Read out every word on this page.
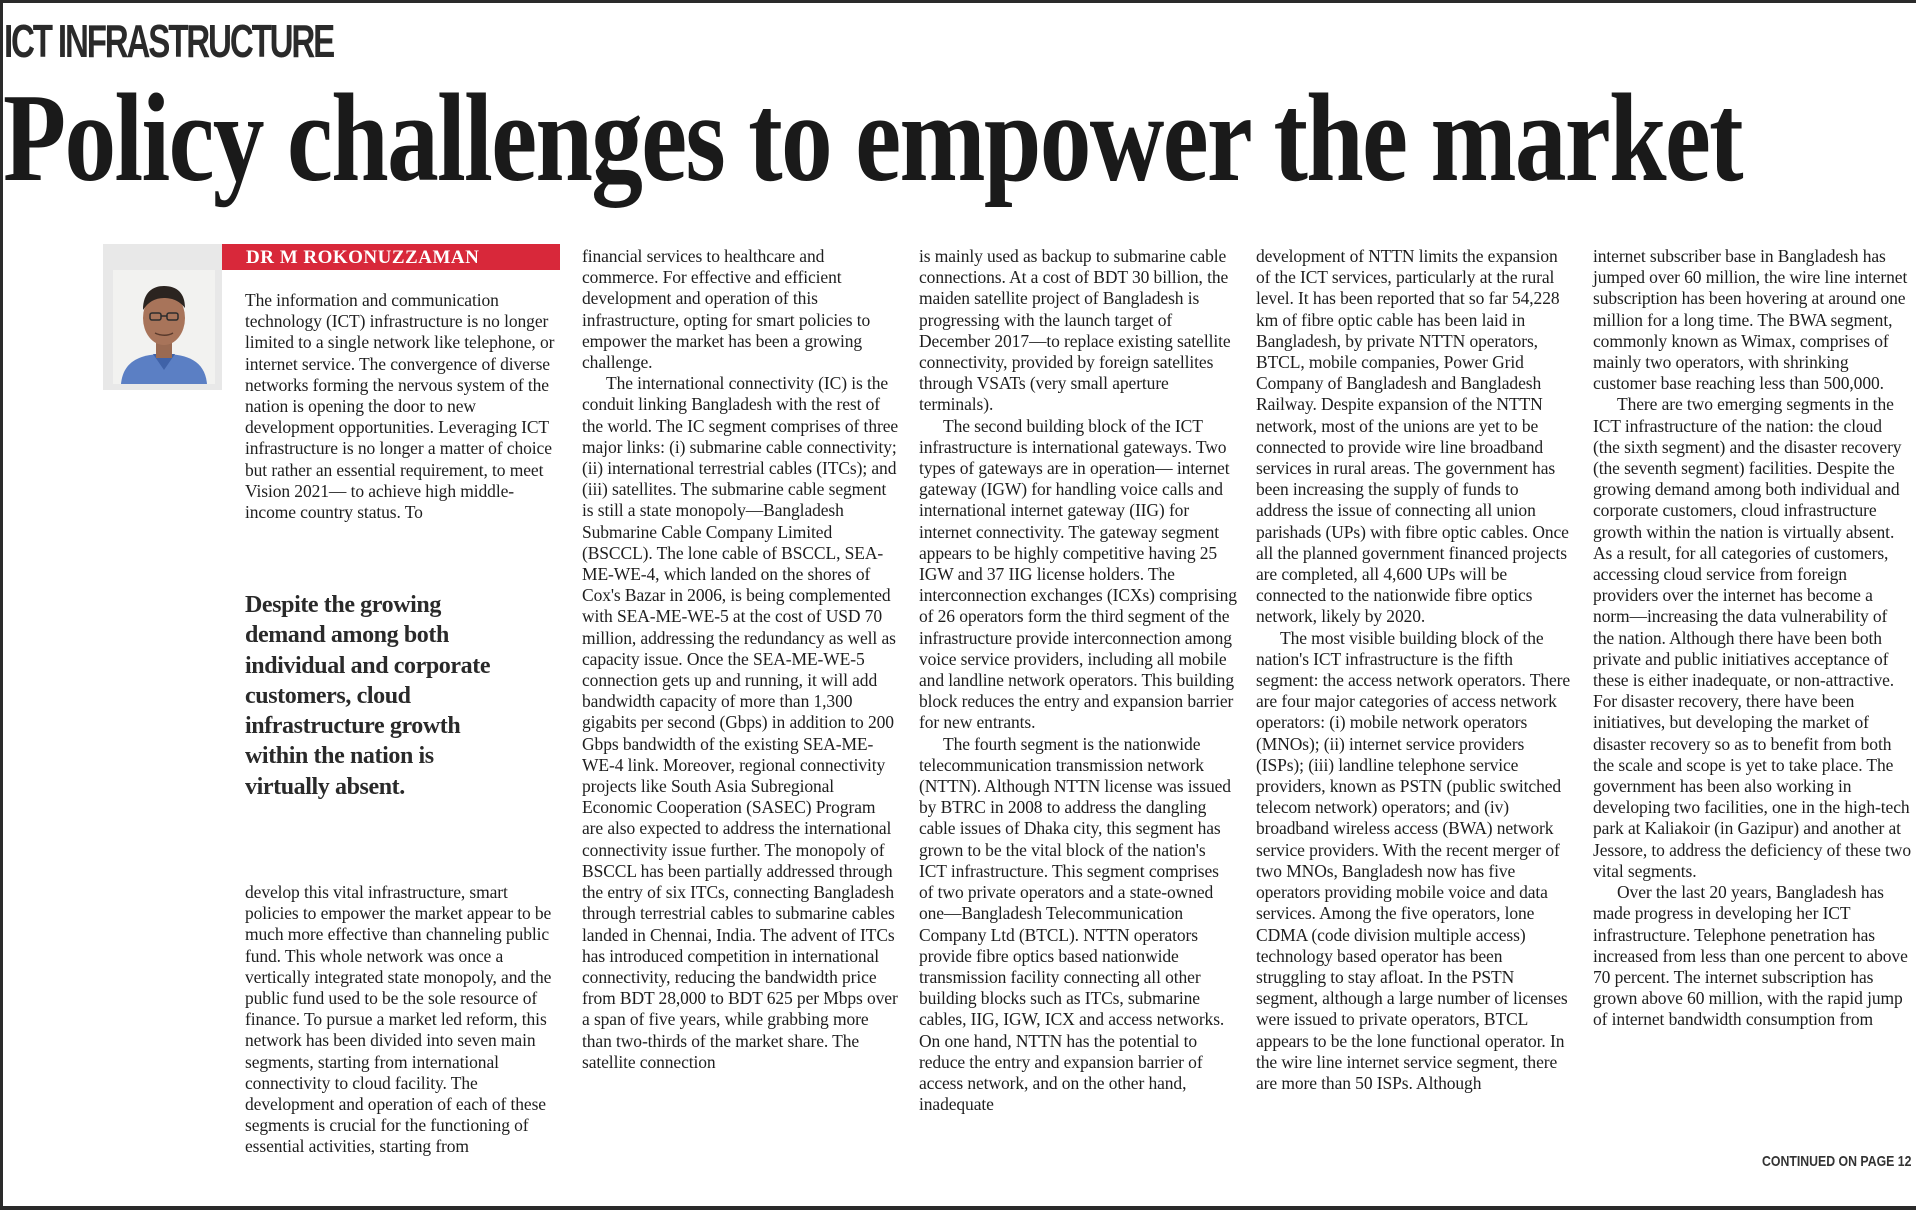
ICT INFRASTRUCTURE
Policy challenges to empower the market
DR M ROKONUZZAMAN

The information and communication technology (ICT) infrastructure is no longer limited to a single network like telephone, or internet service. The convergence of diverse networks forming the nervous system of the nation is opening the door to new development opportunities. Leveraging ICT infrastructure is no longer a matter of choice but rather an essential requirement, to meet Vision 2021— to achieve high middle-income country status. To

Despite the growing demand among both individual and corporate customers, cloud infrastructure growth within the nation is virtually absent.

develop this vital infrastructure, smart policies to empower the market appear to be much more effective than channeling public fund. This whole network was once a vertically integrated state monopoly, and the public fund used to be the sole resource of finance. To pursue a market led reform, this network has been divided into seven main segments, starting from international connectivity to cloud facility. The development and operation of each of these segments is crucial for the functioning of essential activities, starting from

financial services to healthcare and commerce. For effective and efficient development and operation of this infrastructure, opting for smart policies to empower the market has been a growing challenge.

The international connectivity (IC) is the conduit linking Bangladesh with the rest of the world. The IC segment comprises of three major links: (i) submarine cable connectivity; (ii) international terrestrial cables (ITCs); and (iii) satellites. The submarine cable segment is still a state monopoly—Bangladesh Submarine Cable Company Limited (BSCCL). The lone cable of BSCCL, SEA-ME-WE-4, which landed on the shores of Cox's Bazar in 2006, is being complemented with SEA-ME-WE-5 at the cost of USD 70 million, addressing the redundancy as well as capacity issue. Once the SEA-ME-WE-5 connection gets up and running, it will add bandwidth capacity of more than 1,300 gigabits per second (Gbps) in addition to 200 Gbps bandwidth of the existing SEA-ME-WE-4 link. Moreover, regional connectivity projects like South Asia Subregional Economic Cooperation (SASEC) Program are also expected to address the international connectivity issue further. The monopoly of BSCCL has been partially addressed through the entry of six ITCs, connecting Bangladesh through terrestrial cables to submarine cables landed in Chennai, India. The advent of ITCs has introduced competition in international connectivity, reducing the bandwidth price from BDT 28,000 to BDT 625 per Mbps over a span of five years, while grabbing more than two-thirds of the market share. The satellite connection

is mainly used as backup to submarine cable connections. At a cost of BDT 30 billion, the maiden satellite project of Bangladesh is progressing with the launch target of December 2017—to replace existing satellite connectivity, provided by foreign satellites through VSATs (very small aperture terminals).

The second building block of the ICT infrastructure is international gateways. Two types of gateways are in operation— internet gateway (IGW) for handling voice calls and international internet gateway (IIG) for internet connectivity. The gateway segment appears to be highly competitive having 25 IGW and 37 IIG license holders. The interconnection exchanges (ICXs) comprising of 26 operators form the third segment of the infrastructure provide interconnection among voice service providers, including all mobile and landline network operators. This building block reduces the entry and expansion barrier for new entrants.

The fourth segment is the nationwide telecommunication transmission network (NTTN). Although NTTN license was issued by BTRC in 2008 to address the dangling cable issues of Dhaka city, this segment has grown to be the vital block of the nation's ICT infrastructure. This segment comprises of two private operators and a state-owned one—Bangladesh Telecommunication Company Ltd (BTCL). NTTN operators provide fibre optics based nationwide transmission facility connecting all other building blocks such as ITCs, submarine cables, IIG, IGW, ICX and access networks. On one hand, NTTN has the potential to reduce the entry and expansion barrier of access network, and on the other hand, inadequate

development of NTTN limits the expansion of the ICT services, particularly at the rural level. It has been reported that so far 54,228 km of fibre optic cable has been laid in Bangladesh, by private NTTN operators, BTCL, mobile companies, Power Grid Company of Bangladesh and Bangladesh Railway. Despite expansion of the NTTN network, most of the unions are yet to be connected to provide wire line broadband services in rural areas. The government has been increasing the supply of funds to address the issue of connecting all union parishads (UPs) with fibre optic cables. Once all the planned government financed projects are completed, all 4,600 UPs will be connected to the nationwide fibre optics network, likely by 2020.

The most visible building block of the nation's ICT infrastructure is the fifth segment: the access network operators. There are four major categories of access network operators: (i) mobile network operators (MNOs); (ii) internet service providers (ISPs); (iii) landline telephone service providers, known as PSTN (public switched telecom network) operators; and (iv) broadband wireless access (BWA) network service providers. With the recent merger of two MNOs, Bangladesh now has five operators providing mobile voice and data services. Among the five operators, lone CDMA (code division multiple access) technology based operator has been struggling to stay afloat. In the PSTN segment, although a large number of licenses were issued to private operators, BTCL appears to be the lone functional operator. In the wire line internet service segment, there are more than 50 ISPs. Although

internet subscriber base in Bangladesh has jumped over 60 million, the wire line internet subscription has been hovering at around one million for a long time. The BWA segment, commonly known as Wimax, comprises of mainly two operators, with shrinking customer base reaching less than 500,000.

There are two emerging segments in the ICT infrastructure of the nation: the cloud (the sixth segment) and the disaster recovery (the seventh segment) facilities. Despite the growing demand among both individual and corporate customers, cloud infrastructure growth within the nation is virtually absent. As a result, for all categories of customers, accessing cloud service from foreign providers over the internet has become a norm—increasing the data vulnerability of the nation. Although there have been both private and public initiatives acceptance of these is either inadequate, or non-attractive. For disaster recovery, there have been initiatives, but developing the market of disaster recovery so as to benefit from both the scale and scope is yet to take place. The government has been also working in developing two facilities, one in the high-tech park at Kaliakoir (in Gazipur) and another at Jessore, to address the deficiency of these two vital segments.

Over the last 20 years, Bangladesh has made progress in developing her ICT infrastructure. Telephone penetration has increased from less than one percent to above 70 percent. The internet subscription has grown above 60 million, with the rapid jump of internet bandwidth consumption from

CONTINUED ON PAGE 12
